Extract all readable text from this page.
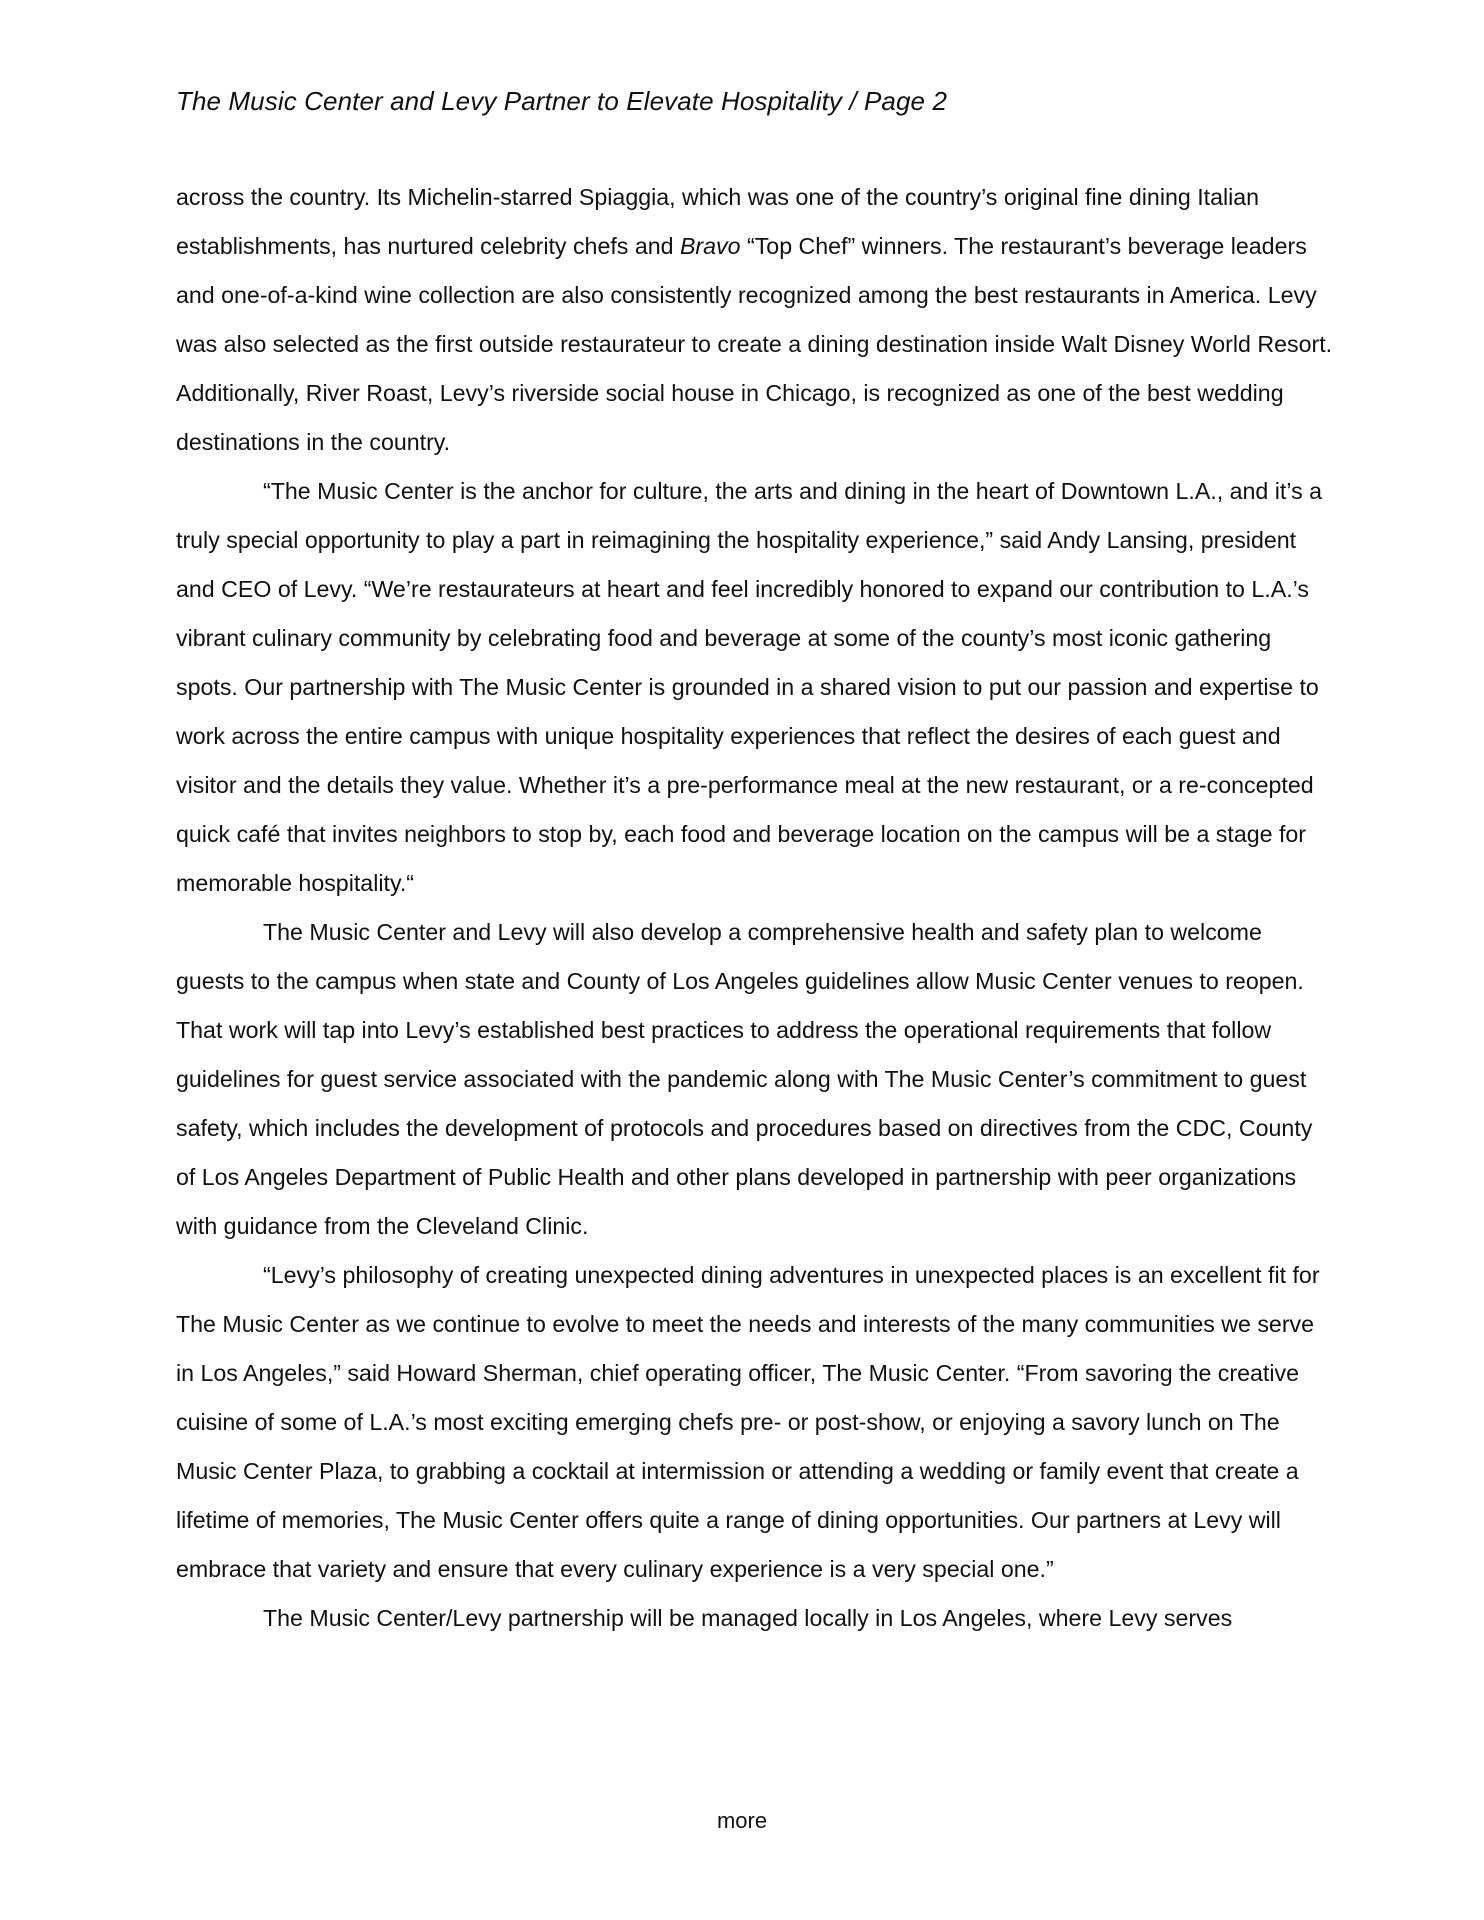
The Music Center and Levy Partner to Elevate Hospitality / Page 2

across the country. Its Michelin-starred Spiaggia, which was one of the country’s original fine dining Italian establishments, has nurtured celebrity chefs and Bravo “Top Chef” winners. The restaurant’s beverage leaders and one-of-a-kind wine collection are also consistently recognized among the best restaurants in America. Levy was also selected as the first outside restaurateur to create a dining destination inside Walt Disney World Resort. Additionally, River Roast, Levy’s riverside social house in Chicago, is recognized as one of the best wedding destinations in the country.

“The Music Center is the anchor for culture, the arts and dining in the heart of Downtown L.A., and it’s a truly special opportunity to play a part in reimagining the hospitality experience,” said Andy Lansing, president and CEO of Levy. “We’re restaurateurs at heart and feel incredibly honored to expand our contribution to L.A.’s vibrant culinary community by celebrating food and beverage at some of the county’s most iconic gathering spots. Our partnership with The Music Center is grounded in a shared vision to put our passion and expertise to work across the entire campus with unique hospitality experiences that reflect the desires of each guest and visitor and the details they value. Whether it’s a pre-performance meal at the new restaurant, or a re-concepted quick café that invites neighbors to stop by, each food and beverage location on the campus will be a stage for memorable hospitality.“

The Music Center and Levy will also develop a comprehensive health and safety plan to welcome guests to the campus when state and County of Los Angeles guidelines allow Music Center venues to reopen. That work will tap into Levy’s established best practices to address the operational requirements that follow guidelines for guest service associated with the pandemic along with The Music Center’s commitment to guest safety, which includes the development of protocols and procedures based on directives from the CDC, County of Los Angeles Department of Public Health and other plans developed in partnership with peer organizations with guidance from the Cleveland Clinic.

“Levy’s philosophy of creating unexpected dining adventures in unexpected places is an excellent fit for The Music Center as we continue to evolve to meet the needs and interests of the many communities we serve in Los Angeles,” said Howard Sherman, chief operating officer, The Music Center. “From savoring the creative cuisine of some of L.A.’s most exciting emerging chefs pre- or post-show, or enjoying a savory lunch on The Music Center Plaza, to grabbing a cocktail at intermission or attending a wedding or family event that create a lifetime of memories, The Music Center offers quite a range of dining opportunities. Our partners at Levy will embrace that variety and ensure that every culinary experience is a very special one.”

The Music Center/Levy partnership will be managed locally in Los Angeles, where Levy serves

more
